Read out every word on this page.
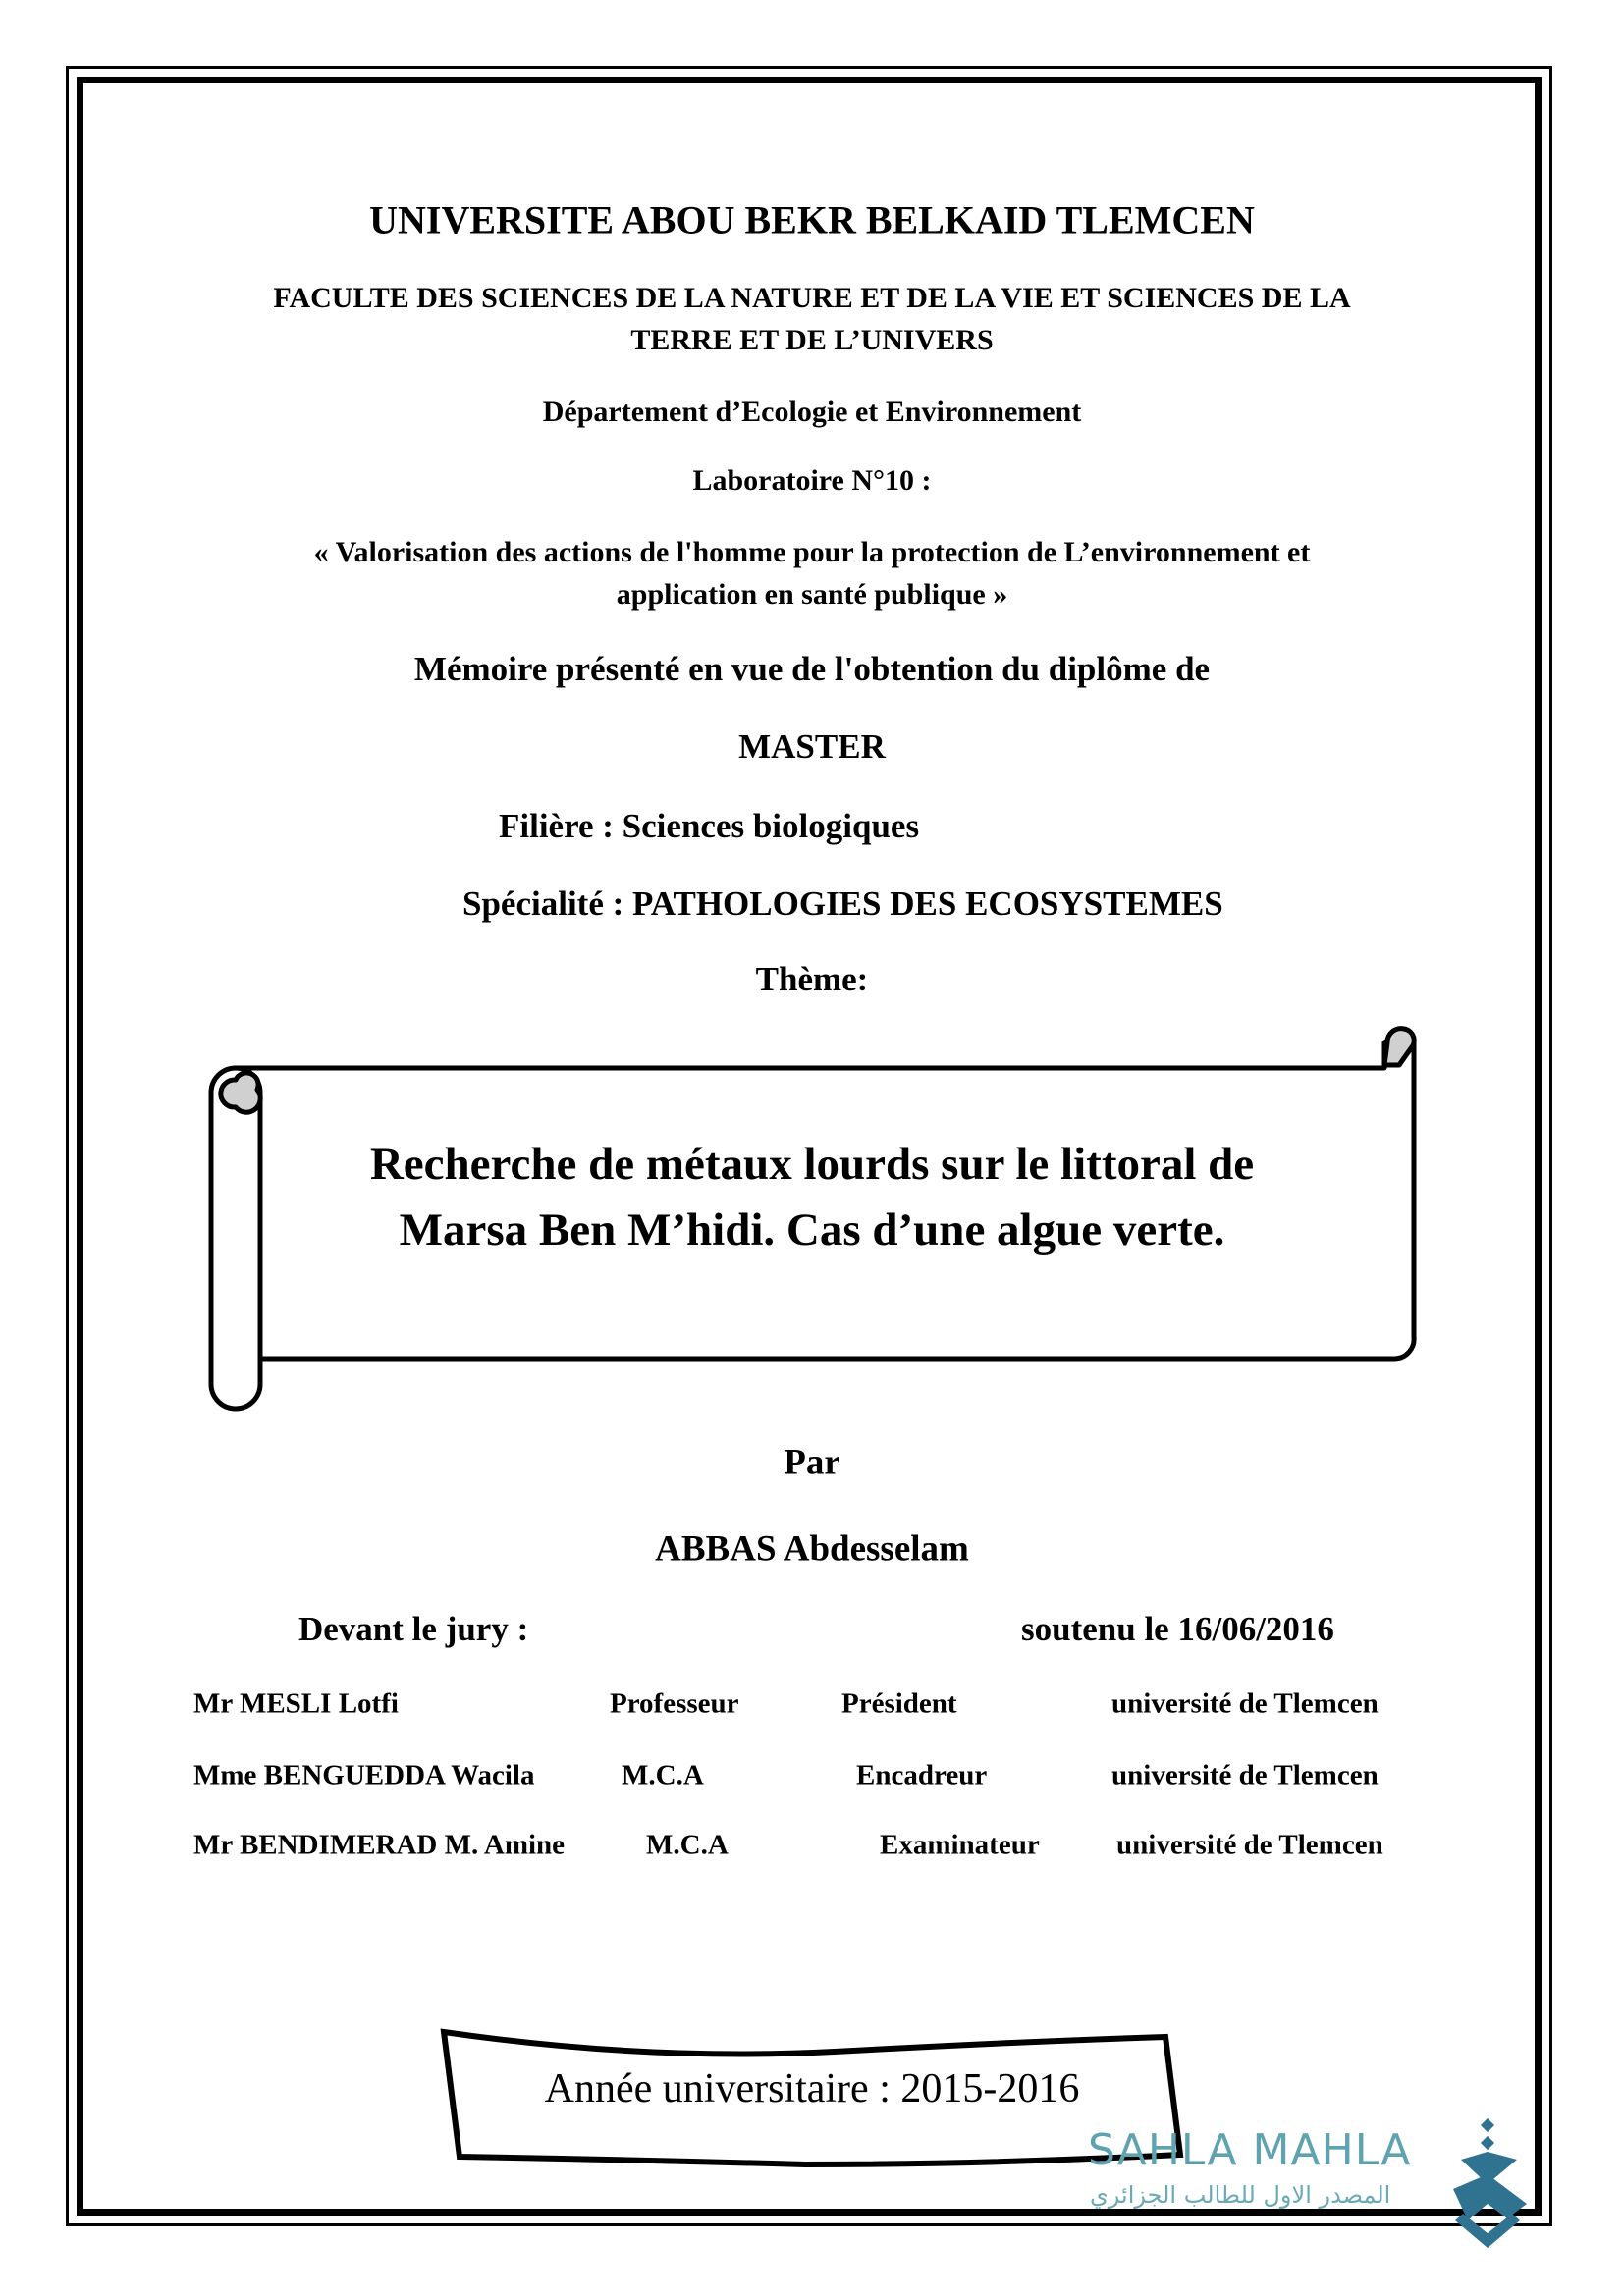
UNIVERSITE ABOU BEKR BELKAID TLEMCEN
FACULTE DES SCIENCES DE LA NATURE ET DE LA VIE ET SCIENCES DE LA
TERRE ET DE L’UNIVERS
Département d’Ecologie et Environnement
Laboratoire N°10 :
« Valorisation des actions de l'homme pour la protection de L’environnement et
application en santé publique »
Mémoire présenté en vue de l'obtention du diplôme de
MASTER
Filière : Sciences biologiques
Spécialité : PATHOLOGIES DES ECOSYSTEMES
Thème:
Recherche de métaux lourds sur le littoral de
Marsa Ben M’hidi. Cas d’une algue verte.
Par
ABBAS Abdesselam
Devant le jury :	soutenu le 16/06/2016
Mr MESLI Lotfi	Professeur	Président	université de Tlemcen
Mme BENGUEDDA Wacila	M.C.A	Encadreur	université de Tlemcen
Mr BENDIMERAD M. Amine	M.C.A	Examinateur	université de Tlemcen
Année universitaire : 2015-2016
SAHLA MAHLA
المصدر الاول للطالب الجزائري
